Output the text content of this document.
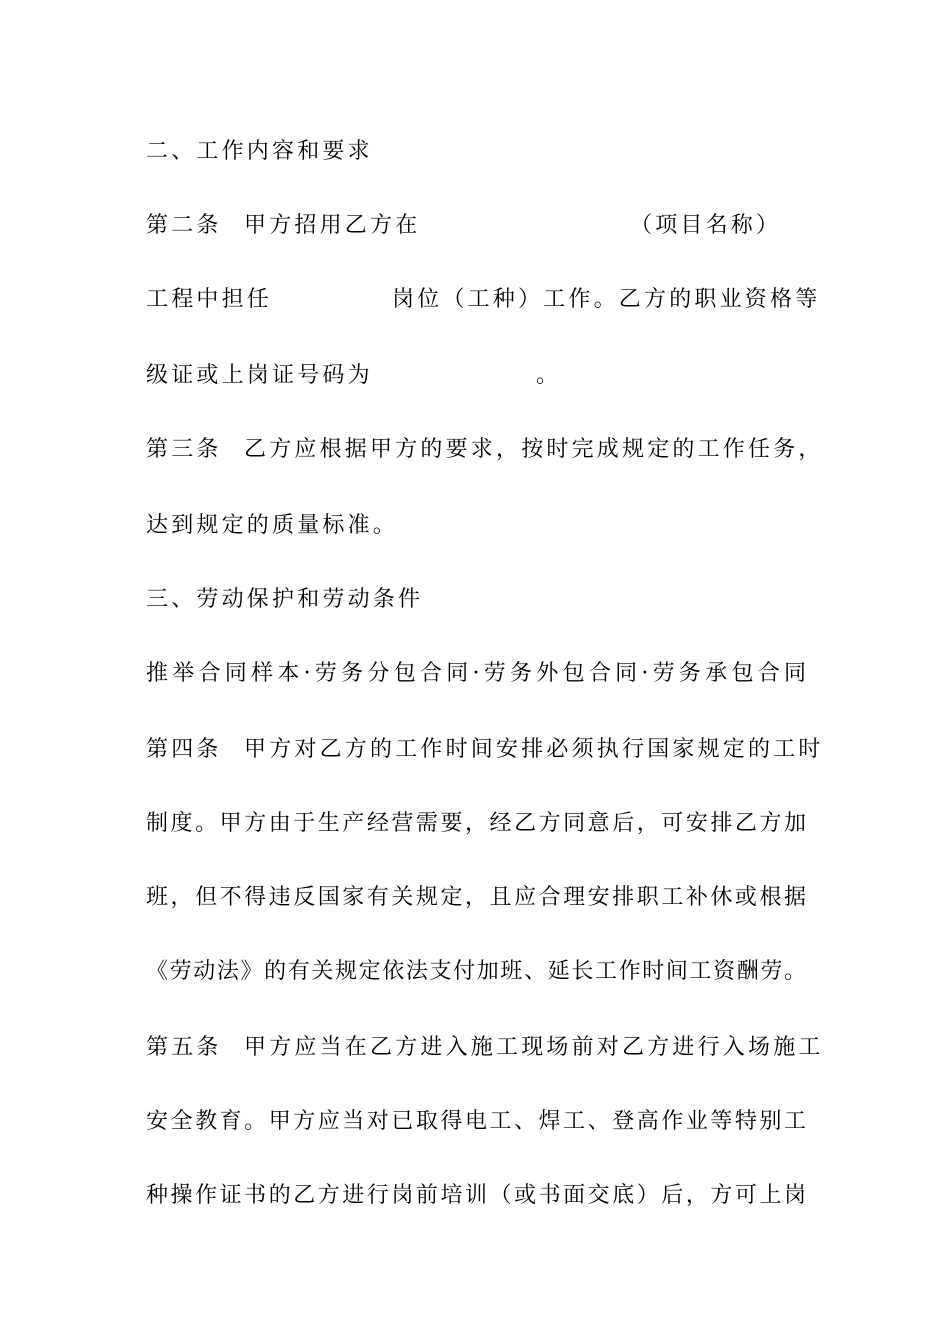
二、工作内容和要求
第二条 甲方招用乙方在	（项目名称）
工程中担任	岗位（工种）工作。乙方的职业资格等
级证或上岗证号码为	。
第三条 乙方应根据甲方的要求，按时完成规定的工作任务，
达到规定的质量标准。
三、劳动保护和劳动条件
推举合同样本·劳务分包合同·劳务外包合同·劳务承包合同
第四条 甲方对乙方的工作时间安排必须执行国家规定的工时
制度。甲方由于生产经营需要，经乙方同意后，可安排乙方加
班，但不得违反国家有关规定，且应合理安排职工补休或根据
《劳动法》的有关规定依法支付加班、延长工作时间工资酬劳。
第五条 甲方应当在乙方进入施工现场前对乙方进行入场施工
安全教育。甲方应当对已取得电工、焊工、登高作业等特别工
种操作证书的乙方进行岗前培训（或书面交底）后，方可上岗
